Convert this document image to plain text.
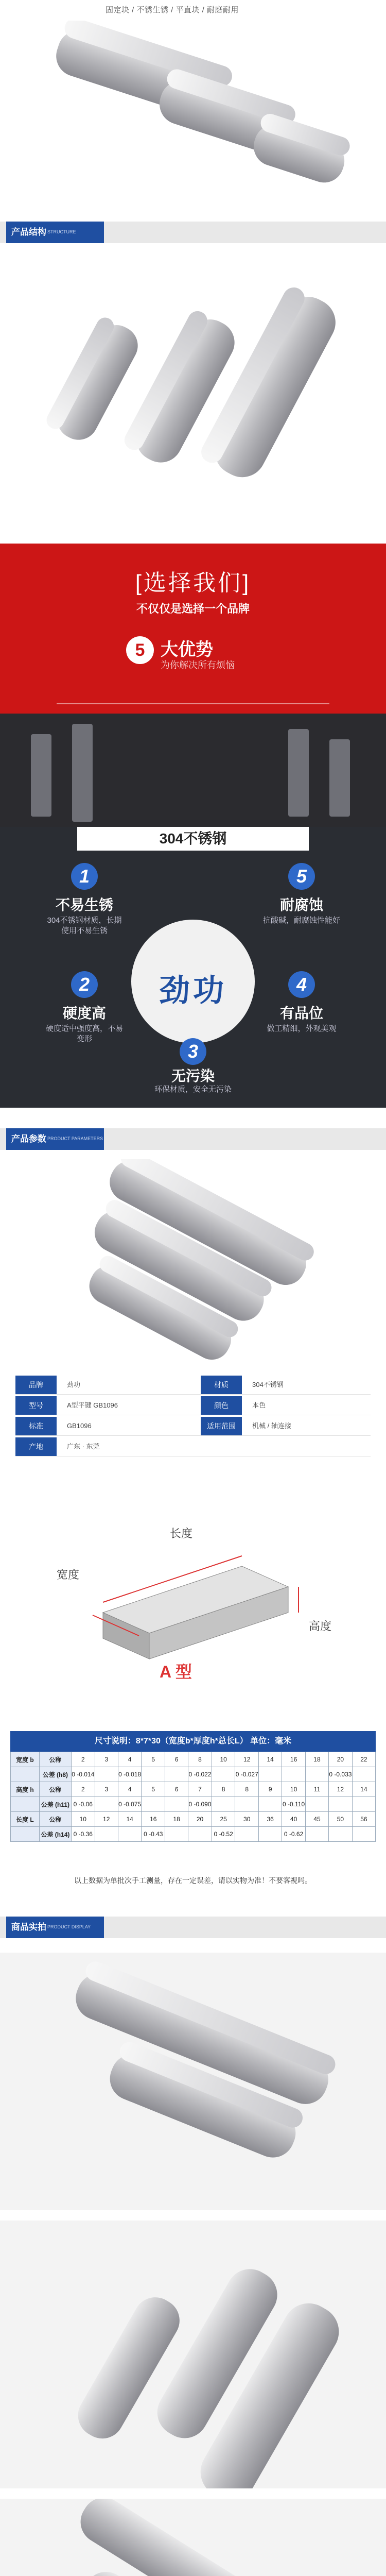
固定块 / 不锈生锈 / 平直块 / 耐磨耐用
产品结构 STRUCTURE
[选择我们]
不仅仅是选择一个品牌
5 大优势
为你解决所有烦恼
304不锈钢
劲功
1
不易生锈
304不锈钢材质，长期使用不易生锈
5
耐腐蚀
抗酸碱，耐腐蚀性能好
2
硬度高
硬度适中强度高，不易变形
4
有品位
做工精细，外观美观
3
无污染
环保材质，安全无污染
产品参数 PRODUCT PARAMETERS
品牌	劲功	材质	304不锈钢
型号	A型平键 GB1096	颜色	本色
标准	GB1096	适用范围	机械 / 轴连接
产地	广东 · 东莞
长度
宽度
高度
A 型
尺寸说明：8*7*30（宽度b*厚度h*总长L） 单位：毫米
宽度 b	公称	2	3	4	5	6	8	10	12	14	16	18	20	22
	公差 (h8)	0 -0.014		0 -0.018			0 -0.022		0 -0.027				0 -0.033	
高度 h	公称	2	3	4	5	6	7	8	8	9	10	11	12	14
	公差 (h11)	0 -0.06		0 -0.075			0 -0.090				0 -0.110			
长度 L	公称	10	12	14	16	18	20	25	30	36	40	45	50	56
	公差 (h14)	0 -0.36			0 -0.43			0 -0.52			0 -0.62			
以上数据为单批次手工测量，存在一定误差，请以实物为准！不要客视吗。
商品实拍 PRODUCT DISPLAY
